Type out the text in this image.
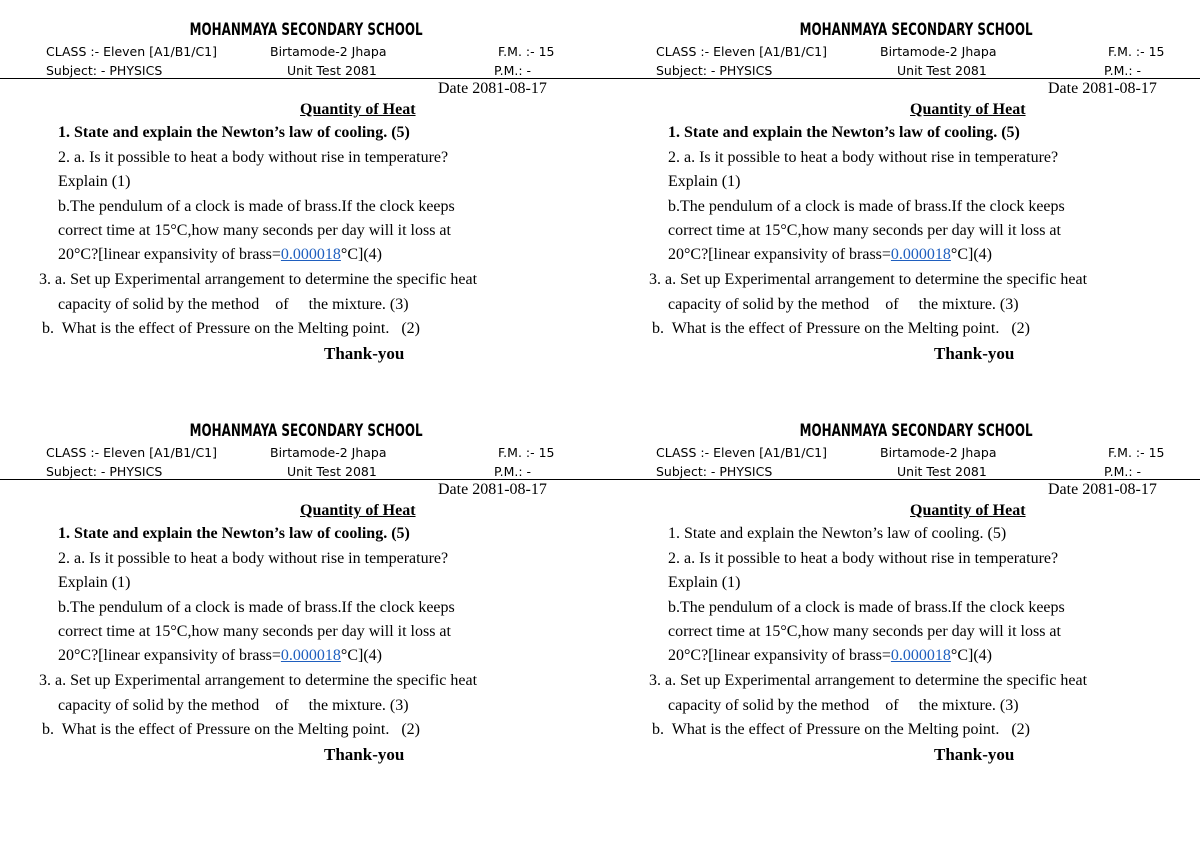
MOHANMAYA SECONDARY SCHOOL
CLASS :- Eleven [A1/B1/C1]	Birtamode-2 Jhapa	F.M. :- 15
Subject: - PHYSICS	Unit Test 2081	P.M.: -
Date 2081-08-17
Quantity of Heat
1. State and explain the Newton’s law of cooling. (5)
2. a. Is it possible to heat a body without rise in temperature?
Explain (1)
b.The pendulum of a clock is made of brass.If the clock keeps
correct time at 15°C,how many seconds per day will it loss at
20°C?[linear expansivity of brass=0.000018°C](4)
3. a. Set up Experimental arrangement to determine the specific heat
capacity of solid by the method    of     the mixture. (3)
b.  What is the effect of Pressure on the Melting point.   (2)
Thank-you
MOHANMAYA SECONDARY SCHOOL
CLASS :- Eleven [A1/B1/C1]	Birtamode-2 Jhapa	F.M. :- 15
Subject: - PHYSICS	Unit Test 2081	P.M.: -
Date 2081-08-17
Quantity of Heat
1. State and explain the Newton’s law of cooling. (5)
2. a. Is it possible to heat a body without rise in temperature?
Explain (1)
b.The pendulum of a clock is made of brass.If the clock keeps
correct time at 15°C,how many seconds per day will it loss at
20°C?[linear expansivity of brass=0.000018°C](4)
3. a. Set up Experimental arrangement to determine the specific heat
capacity of solid by the method    of     the mixture. (3)
b.  What is the effect of Pressure on the Melting point.   (2)
Thank-you
MOHANMAYA SECONDARY SCHOOL
CLASS :- Eleven [A1/B1/C1]	Birtamode-2 Jhapa	F.M. :- 15
Subject: - PHYSICS	Unit Test 2081	P.M.: -
Date 2081-08-17
Quantity of Heat
1. State and explain the Newton’s law of cooling. (5)
2. a. Is it possible to heat a body without rise in temperature?
Explain (1)
b.The pendulum of a clock is made of brass.If the clock keeps
correct time at 15°C,how many seconds per day will it loss at
20°C?[linear expansivity of brass=0.000018°C](4)
3. a. Set up Experimental arrangement to determine the specific heat
capacity of solid by the method    of     the mixture. (3)
b.  What is the effect of Pressure on the Melting point.   (2)
Thank-you
MOHANMAYA SECONDARY SCHOOL
CLASS :- Eleven [A1/B1/C1]	Birtamode-2 Jhapa	F.M. :- 15
Subject: - PHYSICS	Unit Test 2081	P.M.: -
Date 2081-08-17
Quantity of Heat
1. State and explain the Newton’s law of cooling. (5)
2. a. Is it possible to heat a body without rise in temperature?
Explain (1)
b.The pendulum of a clock is made of brass.If the clock keeps
correct time at 15°C,how many seconds per day will it loss at
20°C?[linear expansivity of brass=0.000018°C](4)
3. a. Set up Experimental arrangement to determine the specific heat
capacity of solid by the method    of     the mixture. (3)
b.  What is the effect of Pressure on the Melting point.   (2)
Thank-you
